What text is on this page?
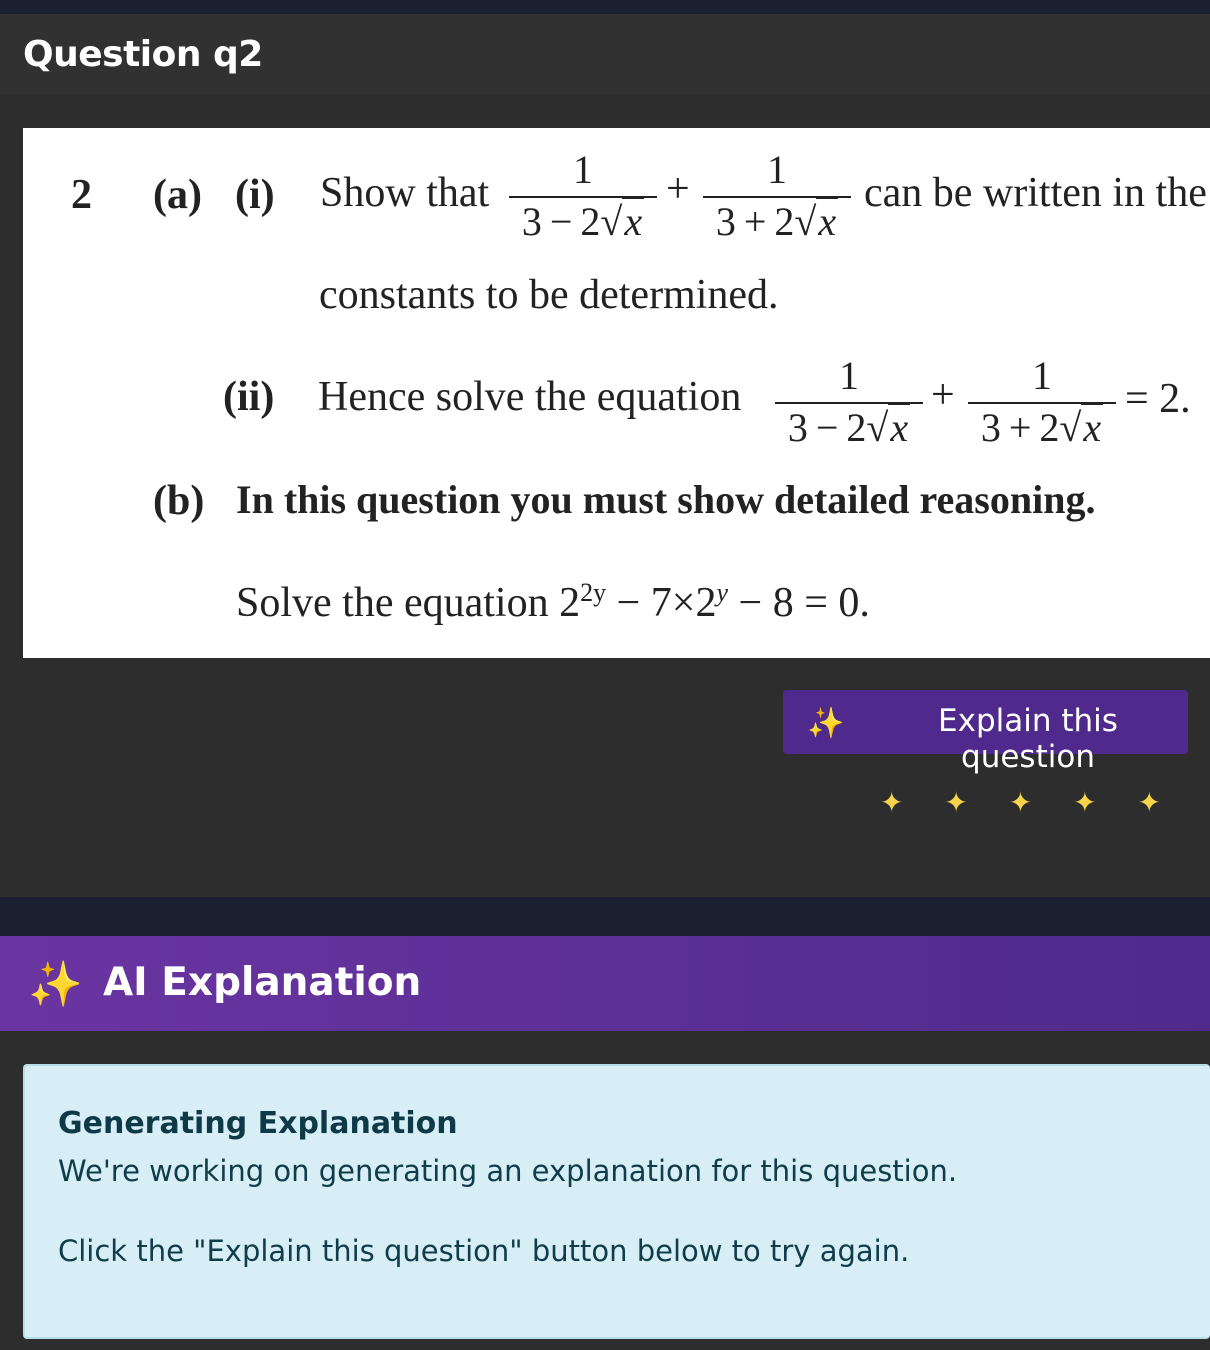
Question q2
2 (a) (i) Show that
1
3 − 2√x
+	1
3 + 2√x
can be written in the
constants to be determined.
(ii) Hence solve the equation	1
3 − 2√x
+	1
3 + 2√x
= 2.
(b) In this question you must show detailed reasoning.
Solve the equation $2^{2y} - 7\times 2^y - 8 = 0$.
✨	Explain this question
✦ ✦ ✦ ✦ ✦
✨ AI Explanation
Generating Explanation
We're working on generating an explanation for this question.
Click the "Explain this question" button below to try again.
